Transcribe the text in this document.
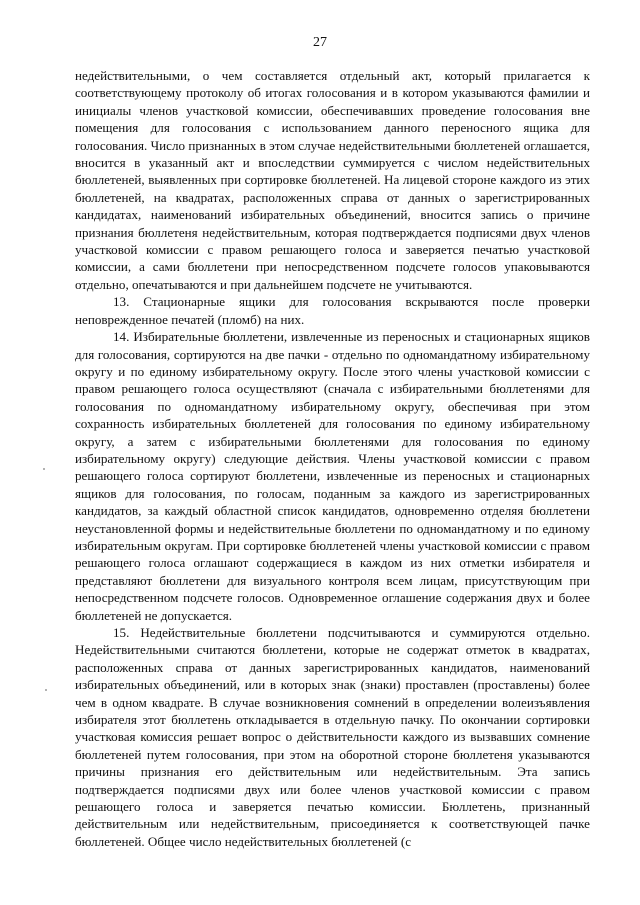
27

недействительными, о чем составляется отдельный акт, который прилагается к соответствующему протоколу об итогах голосования и в котором указываются фамилии и инициалы членов участковой комиссии, обеспечивавших проведение голосования вне помещения для голосования с использованием данного переносного ящика для голосования. Число признанных в этом случае недействительными бюллетеней оглашается, вносится в указанный акт и впоследствии суммируется с числом недействительных бюллетеней, выявленных при сортировке бюллетеней. На лицевой стороне каждого из этих бюллетеней, на квадратах, расположенных справа от данных о зарегистрированных кандидатах, наименований избирательных объединений, вносится запись о причине признания бюллетеня недействительным, которая подтверждается подписями двух членов участковой комиссии с правом решающего голоса и заверяется печатью участковой комиссии, а сами бюллетени при непосредственном подсчете голосов упаковываются отдельно, опечатываются и при дальнейшем подсчете не учитываются.

13. Стационарные ящики для голосования вскрываются после проверки неповрежденное печатей (пломб) на них.

14. Избирательные бюллетени, извлеченные из переносных и стационарных ящиков для голосования, сортируются на две пачки - отдельно по одномандатному избирательному округу и по единому избирательному округу. После этого члены участковой комиссии с правом решающего голоса осуществляют (сначала с избирательными бюллетенями для голосования по одномандатному избирательному округу, обеспечивая при этом сохранность избирательных бюллетеней для голосования по единому избирательному округу, а затем с избирательными бюллетенями для голосования по единому избирательному округу) следующие действия. Члены участковой комиссии с правом решающего голоса сортируют бюллетени, извлеченные из переносных и стационарных ящиков для голосования, по голосам, поданным за каждого из зарегистрированных кандидатов, за каждый областной список кандидатов, одновременно отделяя бюллетени неустановленной формы и недействительные бюллетени по одномандатному и по единому избирательным округам. При сортировке бюллетеней члены участковой комиссии с правом решающего голоса оглашают содержащиеся в каждом из них отметки избирателя и представляют бюллетени для визуального контроля всем лицам, присутствующим при непосредственном подсчете голосов. Одновременное оглашение содержания двух и более бюллетеней не допускается.

15. Недействительные бюллетени подсчитываются и суммируются отдельно. Недействительными считаются бюллетени, которые не содержат отметок в квадратах, расположенных справа от данных зарегистрированных кандидатов, наименований избирательных объединений, или в которых знак (знаки) проставлен (проставлены) более чем в одном квадрате. В случае возникновения сомнений в определении волеизъявления избирателя этот бюллетень откладывается в отдельную пачку. По окончании сортировки участковая комиссия решает вопрос о действительности каждого из вызвавших сомнение бюллетеней путем голосования, при этом на оборотной стороне бюллетеня указываются причины признания его действительным или недействительным. Эта запись подтверждается подписями двух или более членов участковой комиссии с правом решающего голоса и заверяется печатью комиссии. Бюллетень, признанный действительным или недействительным, присоединяется к соответствующей пачке бюллетеней. Общее число недействительных бюллетеней (с
